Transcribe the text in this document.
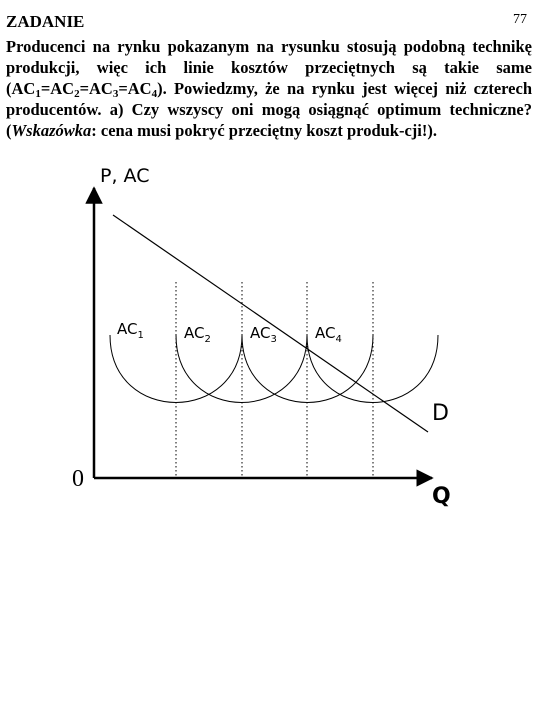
77
ZADANIE

Producenci na rynku pokazanym na rysunku stosują podobną technikę produkcji, więc ich linie kosztów przeciętnych są takie same $(AC_1=AC_2=AC_3=AC_4)$. Powiedzmy, że na rynku jest więcej niż czterech producentów. a) Czy wszyscy oni mogą osiągnąć optimum techniczne? (Wskazówka: cena musi pokryć przeciętny koszt produk-cji!).

P, AC
Q
0
D
$AC_1$	$AC_2$	$AC_3$	$AC_4$
